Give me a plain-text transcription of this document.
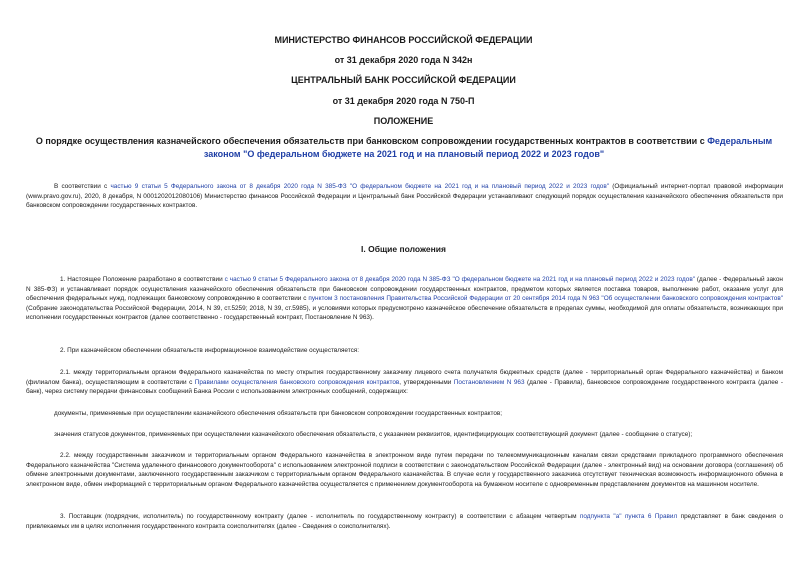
МИНИСТЕРСТВО ФИНАНСОВ РОССИЙСКОЙ ФЕДЕРАЦИИ
от 31 декабря 2020 года N 342н
ЦЕНТРАЛЬНЫЙ БАНК РОССИЙСКОЙ ФЕДЕРАЦИИ
от 31 декабря 2020 года N 750-П
ПОЛОЖЕНИЕ
О порядке осуществления казначейского обеспечения обязательств при банковском сопровождении государственных контрактов в соответствии с Федеральным законом "О федеральном бюджете на 2021 год и на плановый период 2022 и 2023 годов"
В соответствии с частью 9 статьи 5 Федерального закона от 8 декабря 2020 года N 385-ФЗ "О федеральном бюджете на 2021 год и на плановый период 2022 и 2023 годов" (Официальный интернет-портал правовой информации (www.pravo.gov.ru), 2020, 8 декабря, N 0001202012080106) Министерство финансов Российской Федерации и Центральный банк Российской Федерации устанавливают следующий порядок осуществления казначейского обеспечения обязательств при банковском сопровождении государственных контрактов.
I. Общие положения
1. Настоящее Положение разработано в соответствии с частью 9 статьи 5 Федерального закона от 8 декабря 2020 года N 385-ФЗ "О федеральном бюджете на 2021 год и на плановый период 2022 и 2023 годов" (далее - Федеральный закон N 385-ФЗ) и устанавливает порядок осуществления казначейского обеспечения обязательств при банковском сопровождении государственных контрактов, предметом которых является поставка товаров, выполнение работ, оказание услуг для обеспечения федеральных нужд, подлежащих банковскому сопровождению в соответствии с пунктом 3 постановления Правительства Российской Федерации от 20 сентября 2014 года N 963 "Об осуществлении банковского сопровождения контрактов" (Собрание законодательства Российской Федерации, 2014, N 39, ст.5259; 2018, N 39, ст.5985), и условиями которых предусмотрено казначейское обеспечение обязательств в пределах суммы, необходимой для оплаты обязательств, возникающих при исполнении государственных контрактов (далее соответственно - государственный контракт, Постановление N 963).
2. При казначейском обеспечении обязательств информационное взаимодействие осуществляется:
2.1. между территориальным органом Федерального казначейства по месту открытия государственному заказчику лицевого счета получателя бюджетных средств (далее - территориальный орган Федерального казначейства) и банком (филиалом банка), осуществляющим в соответствии с Правилами осуществления банковского сопровождения контрактов, утвержденными Постановлением N 963 (далее - Правила), банковское сопровождение государственного контракта (далее - банк), через систему передачи финансовых сообщений Банка России с использованием электронных сообщений, содержащих:
документы, применяемые при осуществлении казначейского обеспечения обязательств при банковском сопровождении государственных контрактов;
значения статусов документов, применяемых при осуществлении казначейского обеспечения обязательств, с указанием реквизитов, идентифицирующих соответствующий документ (далее - сообщение о статусе);
2.2. между государственным заказчиком и территориальным органом Федерального казначейства в электронном виде путем передачи по телекоммуникационным каналам связи средствами прикладного программного обеспечения Федерального казначейства "Система удаленного финансового документооборота" с использованием электронной подписи в соответствии с законодательством Российской Федерации (далее - электронный вид) на основании договора (соглашения) об обмене электронными документами, заключенного государственным заказчиком с территориальным органом Федерального казначейства. В случае если у государственного заказчика отсутствует техническая возможность информационного обмена в электронном виде, обмен информацией с территориальным органом Федерального казначейства осуществляется с применением документооборота на бумажном носителе с одновременным представлением документов на машинном носителе.
3. Поставщик (подрядчик, исполнитель) по государственному контракту (далее - исполнитель по государственному контракту) в соответствии с абзацем четвертым подпункта "а" пункта 6 Правил представляет в банк сведения о привлекаемых им в целях исполнения государственного контракта соисполнителях (далее - Сведения о соисполнителях).
